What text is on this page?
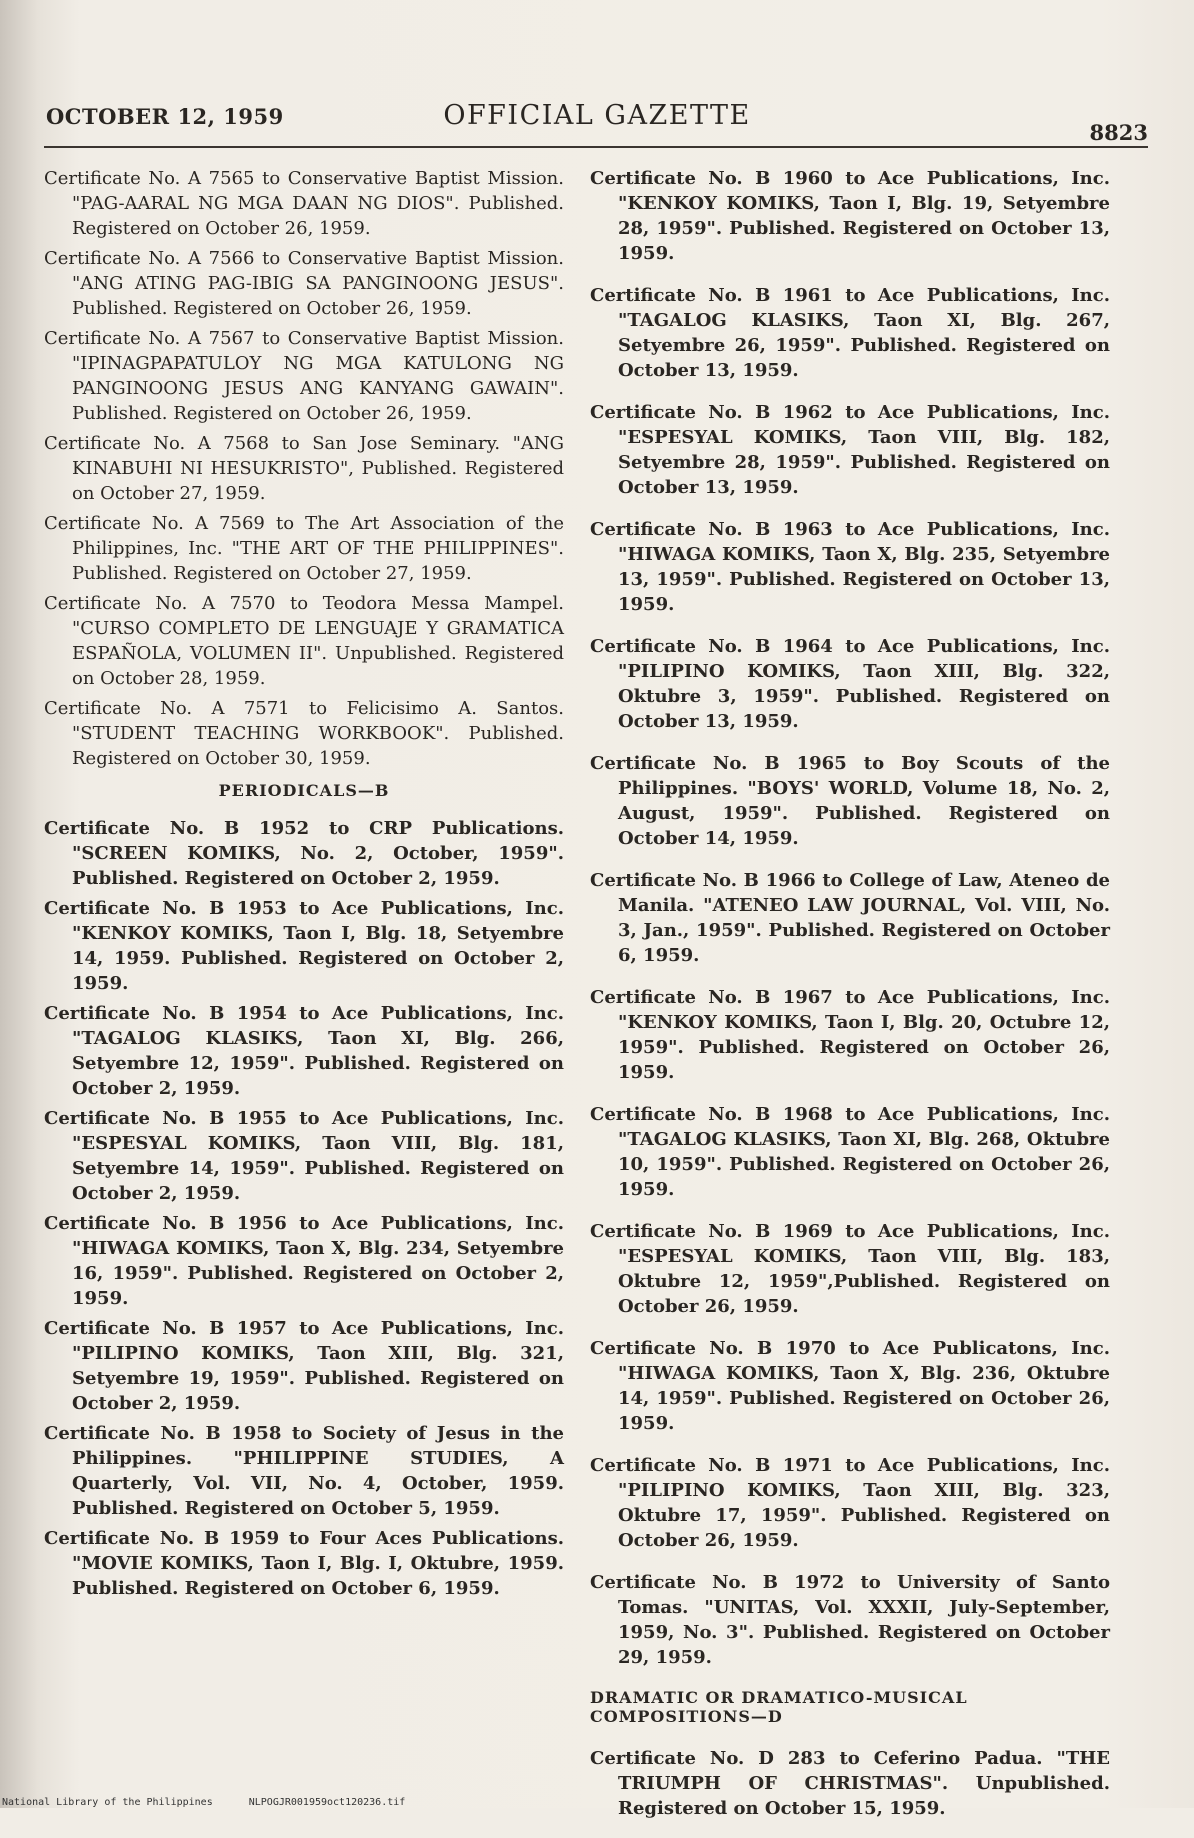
OCTOBER 12, 1959	OFFICIAL GAZETTE
8823

Certificate No. A 7565 to Conservative Baptist Mission. "PAG-AARAL NG MGA DAAN NG DIOS". Published. Registered on October 26, 1959.

Certificate No. A 7566 to Conservative Baptist Mission. "ANG ATING PAG-IBIG SA PANGINOONG JESUS". Published. Registered on October 26, 1959.

Certificate No. A 7567 to Conservative Baptist Mission. "IPINAGPAPATULOY NG MGA KATULONG NG PANGINOONG JESUS ANG KANYANG GAWAIN". Published. Registered on October 26, 1959.

Certificate No. A 7568 to San Jose Seminary. "ANG KINABUHI NI HESUKRISTO", Published. Registered on October 27, 1959.

Certificate No. A 7569 to The Art Association of the Philippines, Inc. "THE ART OF THE PHILIPPINES". Published. Registered on October 27, 1959.

Certificate No. A 7570 to Teodora Messa Mampel. "CURSO COMPLETO DE LENGUAJE Y GRAMATICA ESPAÑOLA, VOLUMEN II". Unpublished. Registered on October 28, 1959.

Certificate No. A 7571 to Felicisimo A. Santos. "STUDENT TEACHING WORKBOOK". Published. Registered on October 30, 1959.

PERIODICALS—B

Certificate No. B 1952 to CRP Publications. "SCREEN KOMIKS, No. 2, October, 1959". Published. Registered on October 2, 1959.

Certificate No. B 1953 to Ace Publications, Inc. "KENKOY KOMIKS, Taon I, Blg. 18, Setyembre 14, 1959. Published. Registered on October 2, 1959.

Certificate No. B 1954 to Ace Publications, Inc. "TAGALOG KLASIKS, Taon XI, Blg. 266, Setyembre 12, 1959". Published. Registered on October 2, 1959.

Certificate No. B 1955 to Ace Publications, Inc. "ESPESYAL KOMIKS, Taon VIII, Blg. 181, Setyembre 14, 1959". Published. Registered on October 2, 1959.

Certificate No. B 1956 to Ace Publications, Inc. "HIWAGA KOMIKS, Taon X, Blg. 234, Setyembre 16, 1959". Published. Registered on October 2, 1959.

Certificate No. B 1957 to Ace Publications, Inc. "PILIPINO KOMIKS, Taon XIII, Blg. 321, Setyembre 19, 1959". Published. Registered on October 2, 1959.

Certificate No. B 1958 to Society of Jesus in the Philippines. "PHILIPPINE STUDIES, A Quarterly, Vol. VII, No. 4, October, 1959. Published. Registered on October 5, 1959.

Certificate No. B 1959 to Four Aces Publications. "MOVIE KOMIKS, Taon I, Blg. I, Oktubre, 1959. Published. Registered on October 6, 1959.

Certificate No. B 1960 to Ace Publications, Inc. "KENKOY KOMIKS, Taon I, Blg. 19, Setyembre 28, 1959". Published. Registered on October 13, 1959.

Certificate No. B 1961 to Ace Publications, Inc. "TAGALOG KLASIKS, Taon XI, Blg. 267, Setyembre 26, 1959". Published. Registered on October 13, 1959.

Certificate No. B 1962 to Ace Publications, Inc. "ESPESYAL KOMIKS, Taon VIII, Blg. 182, Setyembre 28, 1959". Published. Registered on October 13, 1959.

Certificate No. B 1963 to Ace Publications, Inc. "HIWAGA KOMIKS, Taon X, Blg. 235, Setyembre 13, 1959". Published. Registered on October 13, 1959.

Certificate No. B 1964 to Ace Publications, Inc. "PILIPINO KOMIKS, Taon XIII, Blg. 322, Oktubre 3, 1959". Published. Registered on October 13, 1959.

Certificate No. B 1965 to Boy Scouts of the Philippines. "BOYS' WORLD, Volume 18, No. 2, August, 1959". Published. Registered on October 14, 1959.

Certificate No. B 1966 to College of Law, Ateneo de Manila. "ATENEO LAW JOURNAL, Vol. VIII, No. 3, Jan., 1959". Published. Registered on October 6, 1959.

Certificate No. B 1967 to Ace Publications, Inc. "KENKOY KOMIKS, Taon I, Blg. 20, Octubre 12, 1959". Published. Registered on October 26, 1959.

Certificate No. B 1968 to Ace Publications, Inc. "TAGALOG KLASIKS, Taon XI, Blg. 268, Oktubre 10, 1959". Published. Registered on October 26, 1959.

Certificate No. B 1969 to Ace Publications, Inc. "ESPESYAL KOMIKS, Taon VIII, Blg. 183, Oktubre 12, 1959",Published. Registered on October 26, 1959.

Certificate No. B 1970 to Ace Publicatons, Inc. "HIWAGA KOMIKS, Taon X, Blg. 236, Oktubre 14, 1959". Published. Registered on October 26, 1959.

Certificate No. B 1971 to Ace Publications, Inc. "PILIPINO KOMIKS, Taon XIII, Blg. 323, Oktubre 17, 1959". Published. Registered on October 26, 1959.

Certificate No. B 1972 to University of Santo Tomas. "UNITAS, Vol. XXXII, July-September, 1959, No. 3". Published. Registered on October 29, 1959.

DRAMATIC OR DRAMATICO-MUSICAL COMPOSITIONS—D

Certificate No. D 283 to Ceferino Padua. "THE TRIUMPH OF CHRISTMAS". Unpublished. Registered on October 15, 1959.

National Library of the Philippines	NLPOGJR001959oct120236.tif
